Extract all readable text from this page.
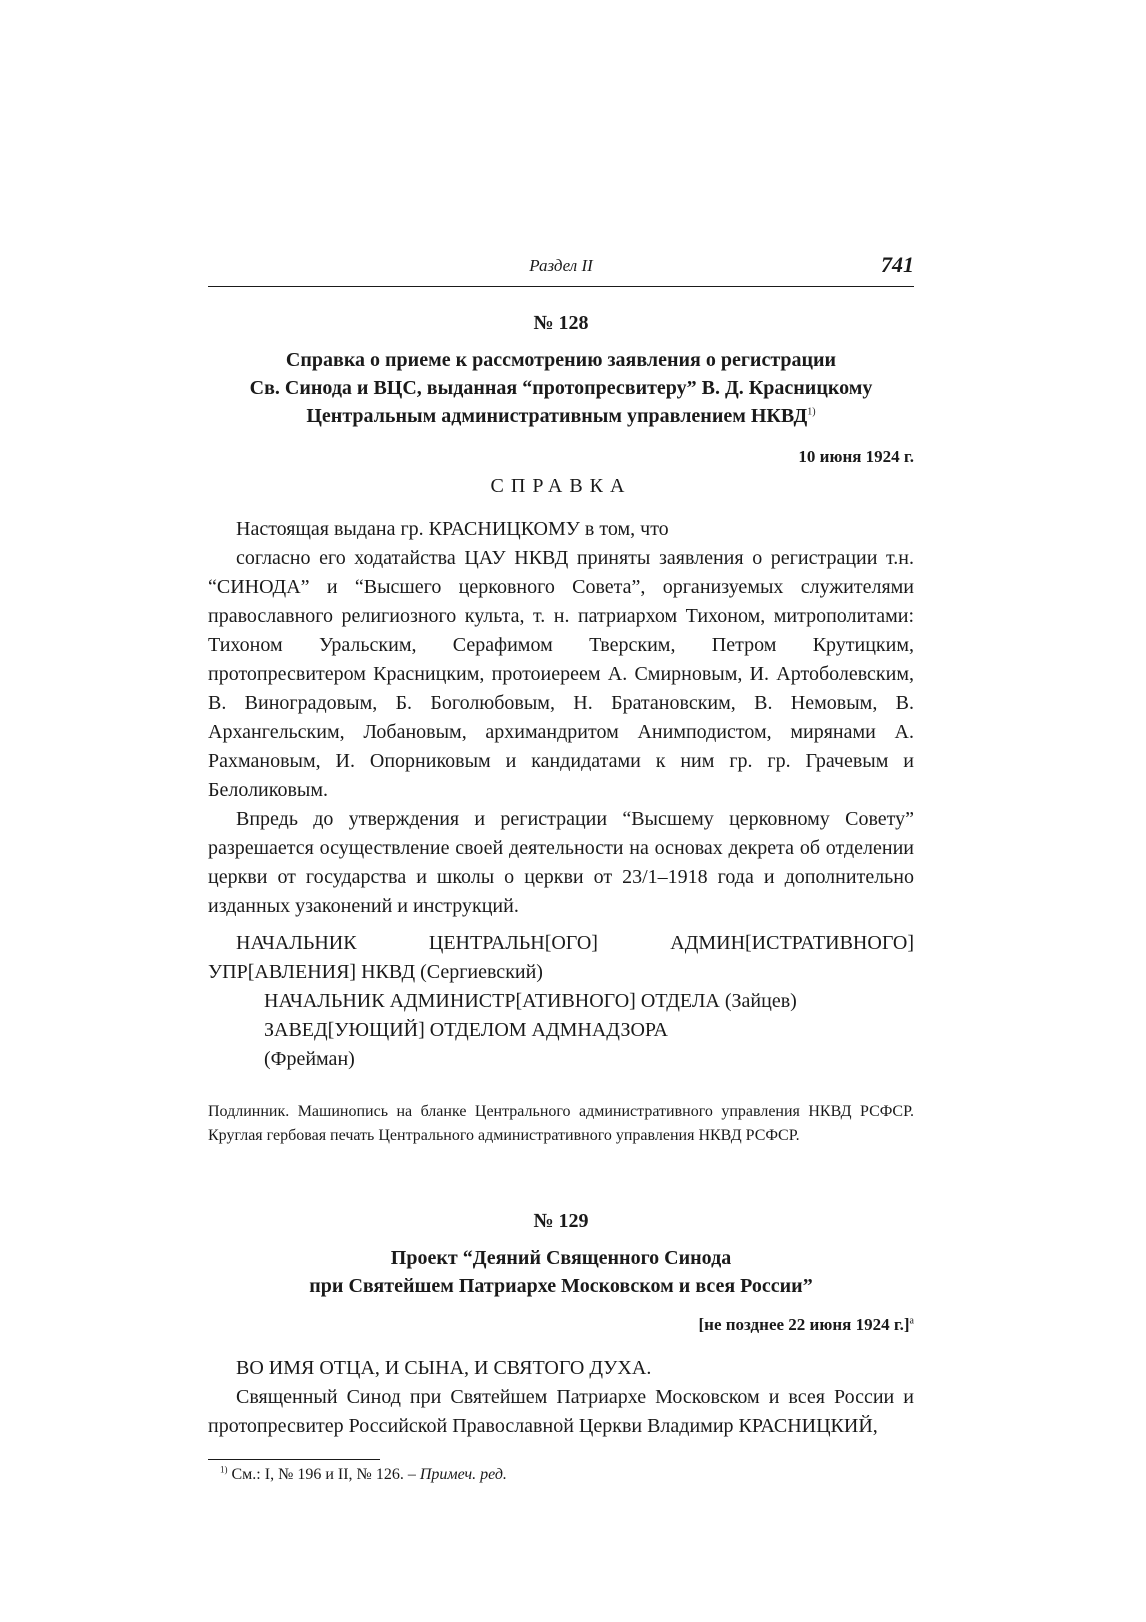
Раздел II	741
№ 128
Справка о приеме к рассмотрению заявления о регистрации
Св. Синода и ВЦС, выданная “протопресвитеру” В. Д. Красницкому
Центральным административным управлением НКВД$^{1)}$
10 июня 1924 г.
СПРАВКА

Настоящая выдана гр. КРАСНИЦКОМУ в том, что

согласно его ходатайства ЦАУ НКВД приняты заявления о регистрации т.н. “СИНОДА” и “Высшего церковного Совета”, организуемых служителями православного религиозного культа, т. н. патриархом Тихоном, митрополитами: Тихоном Уральским, Серафимом Тверским, Петром Крутицким, протопресвитером Красницким, протоиереем А. Смирновым, И. Артоболевским, В. Виноградовым, Б. Боголюбовым, Н. Братановским, В. Немовым, В. Архангельским, Лобановым, архимандритом Анимподистом, мирянами А. Рахмановым, И. Опорниковым и кандидатами к ним гр. гр. Грачевым и Белоликовым.

Впредь до утверждения и регистрации “Высшему церковному Совету” разрешается осуществление своей деятельности на основах декрета об отделении церкви от государства и школы о церкви от 23/1–1918 года и дополнительно изданных узаконений и инструкций.

НАЧАЛЬНИК ЦЕНТРАЛЬН[ОГО] АДМИН[ИСТРАТИВНОГО] УПР[АВЛЕНИЯ] НКВД (Сергиевский)

НАЧАЛЬНИК АДМИНИСТР[АТИВНОГО] ОТДЕЛА (Зайцев)

ЗАВЕД[УЮЩИЙ] ОТДЕЛОМ АДМНАДЗОРА

(Фрейман)

Подлинник. Машинопись на бланке Центрального административного управления НКВД РСФСР. Круглая гербовая печать Центрального административного управления НКВД РСФСР.
№ 129
Проект “Деяний Священного Синода
при Святейшем Патриархе Московском и всея России”
[не позднее 22 июня 1924 г.]$^а$

ВО ИМЯ ОТЦА, И СЫНА, И СВЯТОГО ДУХА.

Священный Синод при Святейшем Патриархе Московском и всея России и протопресвитер Российской Православной Церкви Владимир КРАСНИЦКИЙ,

$^{1)}$ См.: I, № 196 и II, № 126. – Примеч. ред.
